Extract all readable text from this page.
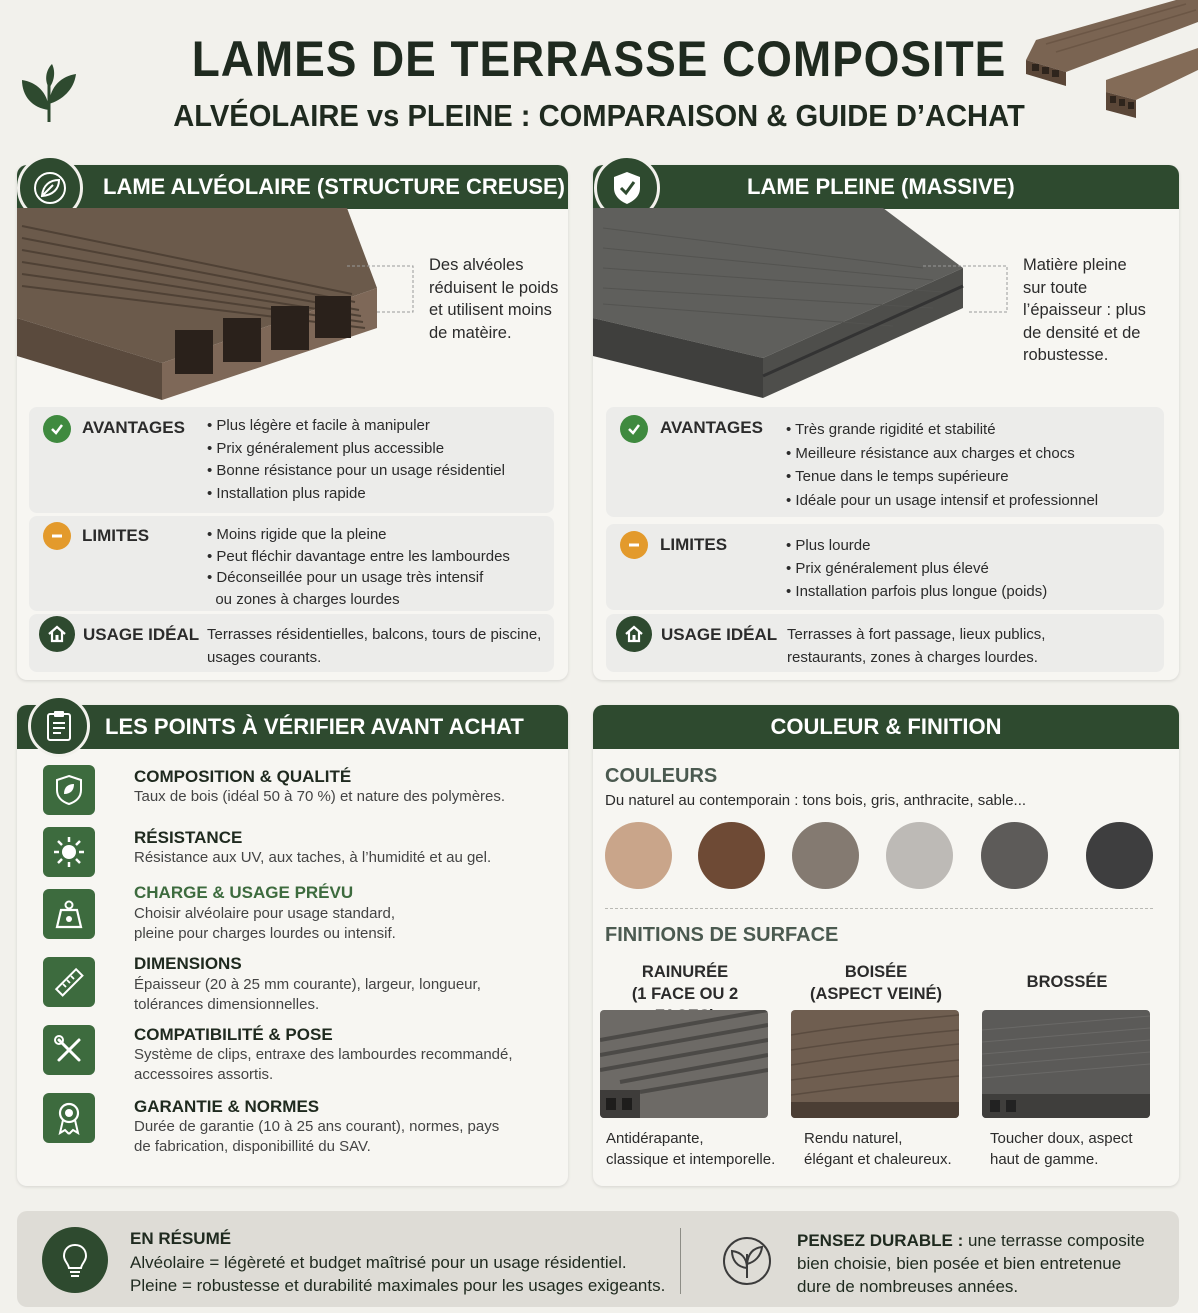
LAMES DE TERRASSE COMPOSITE
ALVÉOLAIRE vs PLEINE : COMPARAISON & GUIDE D’ACHAT
LAME ALVÉOLAIRE (STRUCTURE CREUSE)
Des alvéoles
réduisent le poids
et utilisent moins
de matèire.
AVANTAGES • Plus légère et facile à manipuler
• Prix généralement plus accessible
• Bonne résistance pour un usage résidentiel
• Installation plus rapide
LIMITES	• Moins rigide que la pleine
• Peut fléchir davantage entre les lambourdes
• Déconseillée pour un usage très intensif
ou zones à charges lourdes
USAGE IDÉAL Terrasses résidentielles, balcons, tours de piscine,
usages courants.
LAME PLEINE (MASSIVE)
Matière pleine
sur toute
l’épaisseur : plus
de densité et de
robustesse.
AVANTAGES • Très grande rigidité et stabilité
• Meilleure résistance aux charges et chocs
• Tenue dans le temps supérieure
• Idéale pour un usage intensif et professionnel
LIMITES	• Plus lourde
• Prix généralement plus élevé
• Installation parfois plus longue (poids)
USAGE IDÉAL Terrasses à fort passage, lieux publics,
restaurants, zones à charges lourdes.
LES POINTS À VÉRIFIER AVANT ACHAT
COMPOSITION & QUALITÉ
Taux de bois (idéal 50 à 70 %) et nature des polymères.
RÉSISTANCE
Résistance aux UV, aux taches, à l’humidité et au gel.
CHARGE & USAGE PRÉVU
Choisir alvéolaire pour usage standard,
pleine pour charges lourdes ou intensif.
DIMENSIONS
Épaisseur (20 à 25 mm courante), largeur, longueur,
tolérances dimensionnelles.
COMPATIBILITÉ & POSE
Système de clips, entraxe des lambourdes recommandé,
accessoires assortis.
GARANTIE & NORMES
Durée de garantie (10 à 25 ans courant), normes, pays
de fabrication, disponibillité du SAV.
COULEUR & FINITION
COULEURS
Du naturel au contemporain : tons bois, gris, anthracite, sable...
FINITIONS DE SURFACE
RAINURÉE
(1 FACE OU 2
BOISÉE
(ASPECT VEINÉ)
BROSSÉE
Antidérapante,
classique et intemporelle.
Rendu naturel,
élégant et chaleureux.
Toucher doux, aspect
haut de gamme.
EN RÉSUMÉ
Alvéolaire = légèreté et budget maîtrisé pour un usage résidentiel.
Pleine = robustesse et durabilité maximales pour les usages exigeants.
PENSEZ DURABLE : une terrasse composite
bien choisie, bien posée et bien entretenue
dure de nombreuses années.
